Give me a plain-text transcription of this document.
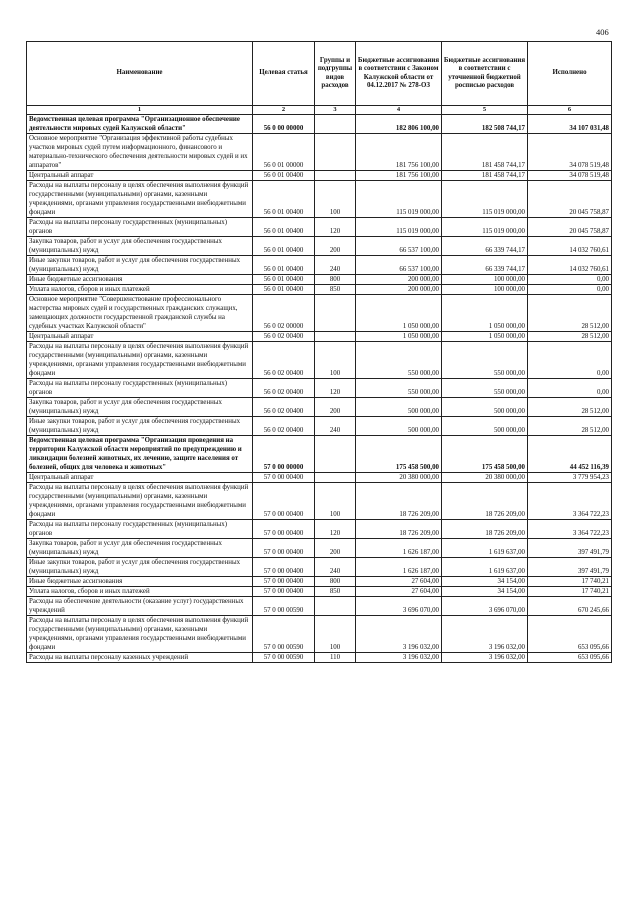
406
Наименование	Целевая статья	Группы и подгруппы видов расходов	Бюджетные ассигнования в соответствии с Законом Калужской области от 04.12.2017 № 278-ОЗ	Бюджетные ассигнования в соответствии с уточненной бюджетной росписью расходов	Исполнено
1	2	3	4	5	6
Ведомственная целевая программа "Организационное обеспечение деятельности мировых судей Калужской области"	56 0 00 00000		182 806 100,00	182 508 744,17	34 107 031,48
Основное мероприятие "Организация эффективной работы судебных участков мировых судей путем информационного, финансового и материально-технического обеспечения деятельности мировых судей и их аппаратов"	56 0 01 00000		181 756 100,00	181 458 744,17	34 078 519,48
Центральный аппарат	56 0 01 00400		181 756 100,00	181 458 744,17	34 078 519,48
Расходы на выплаты персоналу в целях обеспечения выполнения функций государственными (муниципальными) органами, казенными учреждениями, органами управления государственными внебюджетными фондами	56 0 01 00400	100	115 019 000,00	115 019 000,00	20 045 758,87
Расходы на выплаты персоналу государственных (муниципальных) органов	56 0 01 00400	120	115 019 000,00	115 019 000,00	20 045 758,87
Закупка товаров, работ и услуг для обеспечения государственных (муниципальных) нужд	56 0 01 00400	200	66 537 100,00	66 339 744,17	14 032 760,61
Иные закупки товаров, работ и услуг для обеспечения государственных (муниципальных) нужд	56 0 01 00400	240	66 537 100,00	66 339 744,17	14 032 760,61
Иные бюджетные ассигнования	56 0 01 00400	800	200 000,00	100 000,00	0,00
Уплата налогов, сборов и иных платежей	56 0 01 00400	850	200 000,00	100 000,00	0,00
Основное мероприятие "Совершенствование профессионального мастерства мировых судей и государственных гражданских служащих, замещающих должности государственной гражданской службы на судебных участках Калужской области"	56 0 02 00000		1 050 000,00	1 050 000,00	28 512,00
Центральный аппарат	56 0 02 00400		1 050 000,00	1 050 000,00	28 512,00
Расходы на выплаты персоналу в целях обеспечения выполнения функций государственными (муниципальными) органами, казенными учреждениями, органами управления государственными внебюджетными фондами	56 0 02 00400	100	550 000,00	550 000,00	0,00
Расходы на выплаты персоналу государственных (муниципальных) органов	56 0 02 00400	120	550 000,00	550 000,00	0,00
Закупка товаров, работ и услуг для обеспечения государственных (муниципальных) нужд	56 0 02 00400	200	500 000,00	500 000,00	28 512,00
Иные закупки товаров, работ и услуг для обеспечения государственных (муниципальных) нужд	56 0 02 00400	240	500 000,00	500 000,00	28 512,00
Ведомственная целевая программа "Организация проведения на территории Калужской области мероприятий по предупреждению и ликвидации болезней животных, их лечению, защите населения от болезней, общих для человека и животных"	57 0 00 00000		175 458 500,00	175 458 500,00	44 452 116,39
Центральный аппарат	57 0 00 00400		20 380 000,00	20 380 000,00	3 779 954,23
Расходы на выплаты персоналу в целях обеспечения выполнения функций государственными (муниципальными) органами, казенными учреждениями, органами управления государственными внебюджетными фондами	57 0 00 00400	100	18 726 209,00	18 726 209,00	3 364 722,23
Расходы на выплаты персоналу государственных (муниципальных) органов	57 0 00 00400	120	18 726 209,00	18 726 209,00	3 364 722,23
Закупка товаров, работ и услуг для обеспечения государственных (муниципальных) нужд	57 0 00 00400	200	1 626 187,00	1 619 637,00	397 491,79
Иные закупки товаров, работ и услуг для обеспечения государственных (муниципальных) нужд	57 0 00 00400	240	1 626 187,00	1 619 637,00	397 491,79
Иные бюджетные ассигнования	57 0 00 00400	800	27 604,00	34 154,00	17 740,21
Уплата налогов, сборов и иных платежей	57 0 00 00400	850	27 604,00	34 154,00	17 740,21
Расходы на обеспечение деятельности (оказание услуг) государственных учреждений	57 0 00 00590		3 696 070,00	3 696 070,00	670 245,66
Расходы на выплаты персоналу в целях обеспечения выполнения функций государственными (муниципальными) органами, казенными учреждениями, органами управления государственными внебюджетными фондами	57 0 00 00590	100	3 196 032,00	3 196 032,00	653 095,66
Расходы на выплаты персоналу казенных учреждений	57 0 00 00590	110	3 196 032,00	3 196 032,00	653 095,66
